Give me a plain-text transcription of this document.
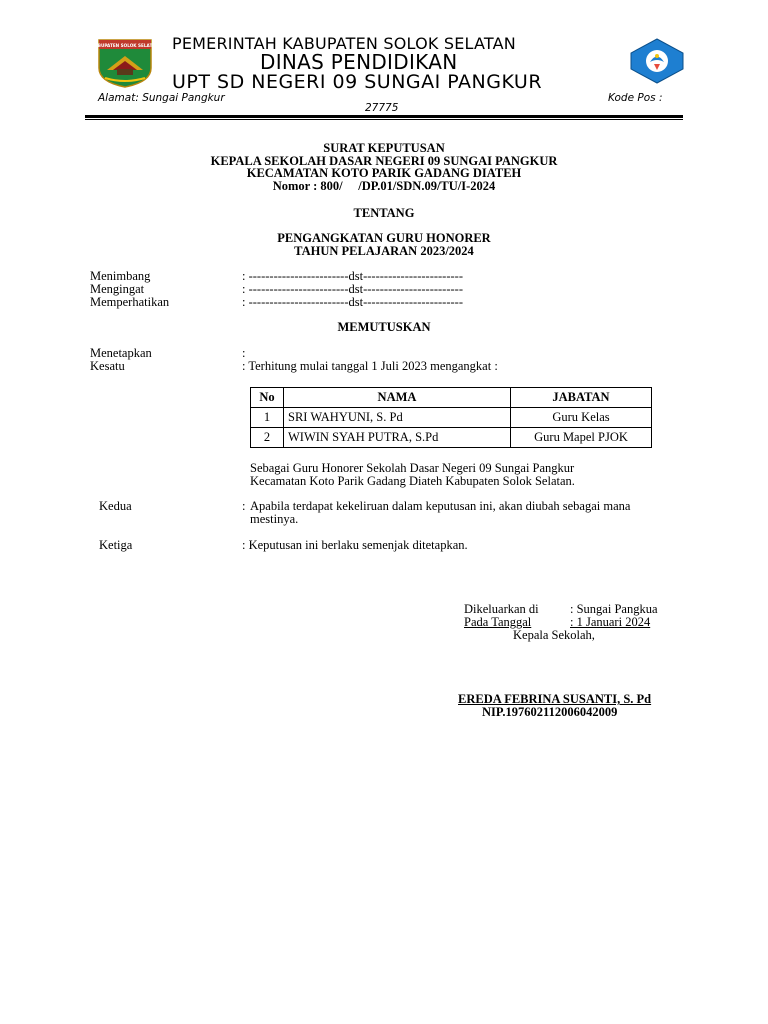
KABUPATEN SOLOK SELATAN PEMERINTAH KABUPATEN SOLOK SELATAN
DINAS PENDIDIKAN
UPT SD NEGERI 09 SUNGAI PANGKUR
Alamat: Sungai Pangkur	Kode Pos :
27775
SURAT KEPUTUSAN
KEPALA SEKOLAH DASAR NEGERI 09 SUNGAI PANGKUR
KECAMATAN KOTO PARIK GADANG DIATEH
Nomor : 800/     /DP.01/SDN.09/TU/I-2024
TENTANG
PENGANGKATAN GURU HONORER
TAHUN PELAJARAN 2023/2024
Menimbang	: ------------------------dst------------------------
Mengingat	: ------------------------dst------------------------
Memperhatikan	: ------------------------dst------------------------
MEMUTUSKAN
Menetapkan	:
Kesatu	: Terhitung mulai tanggal 1 Juli 2023 mengangkat :
No	NAMA	JABATAN
1	SRI WAHYUNI, S. Pd	Guru Kelas
2	WIWIN SYAH PUTRA, S.Pd	Guru Mapel PJOK
Sebagai Guru Honorer Sekolah Dasar Negeri 09 Sungai Pangkur
Kecamatan Koto Parik Gadang Diateh Kabupaten Solok Selatan.
Kedua	: Apabila terdapat kekeliruan dalam keputusan ini, akan diubah sebagai mana
mestinya.
Ketiga	: Keputusan ini berlaku semenjak ditetapkan.
Dikeluarkan di	: Sungai Pangkua
Pada Tanggal	: 1 Januari 2024
Kepala Sekolah,
EREDA FEBRINA SUSANTI, S. Pd
NIP.197602112006042009
